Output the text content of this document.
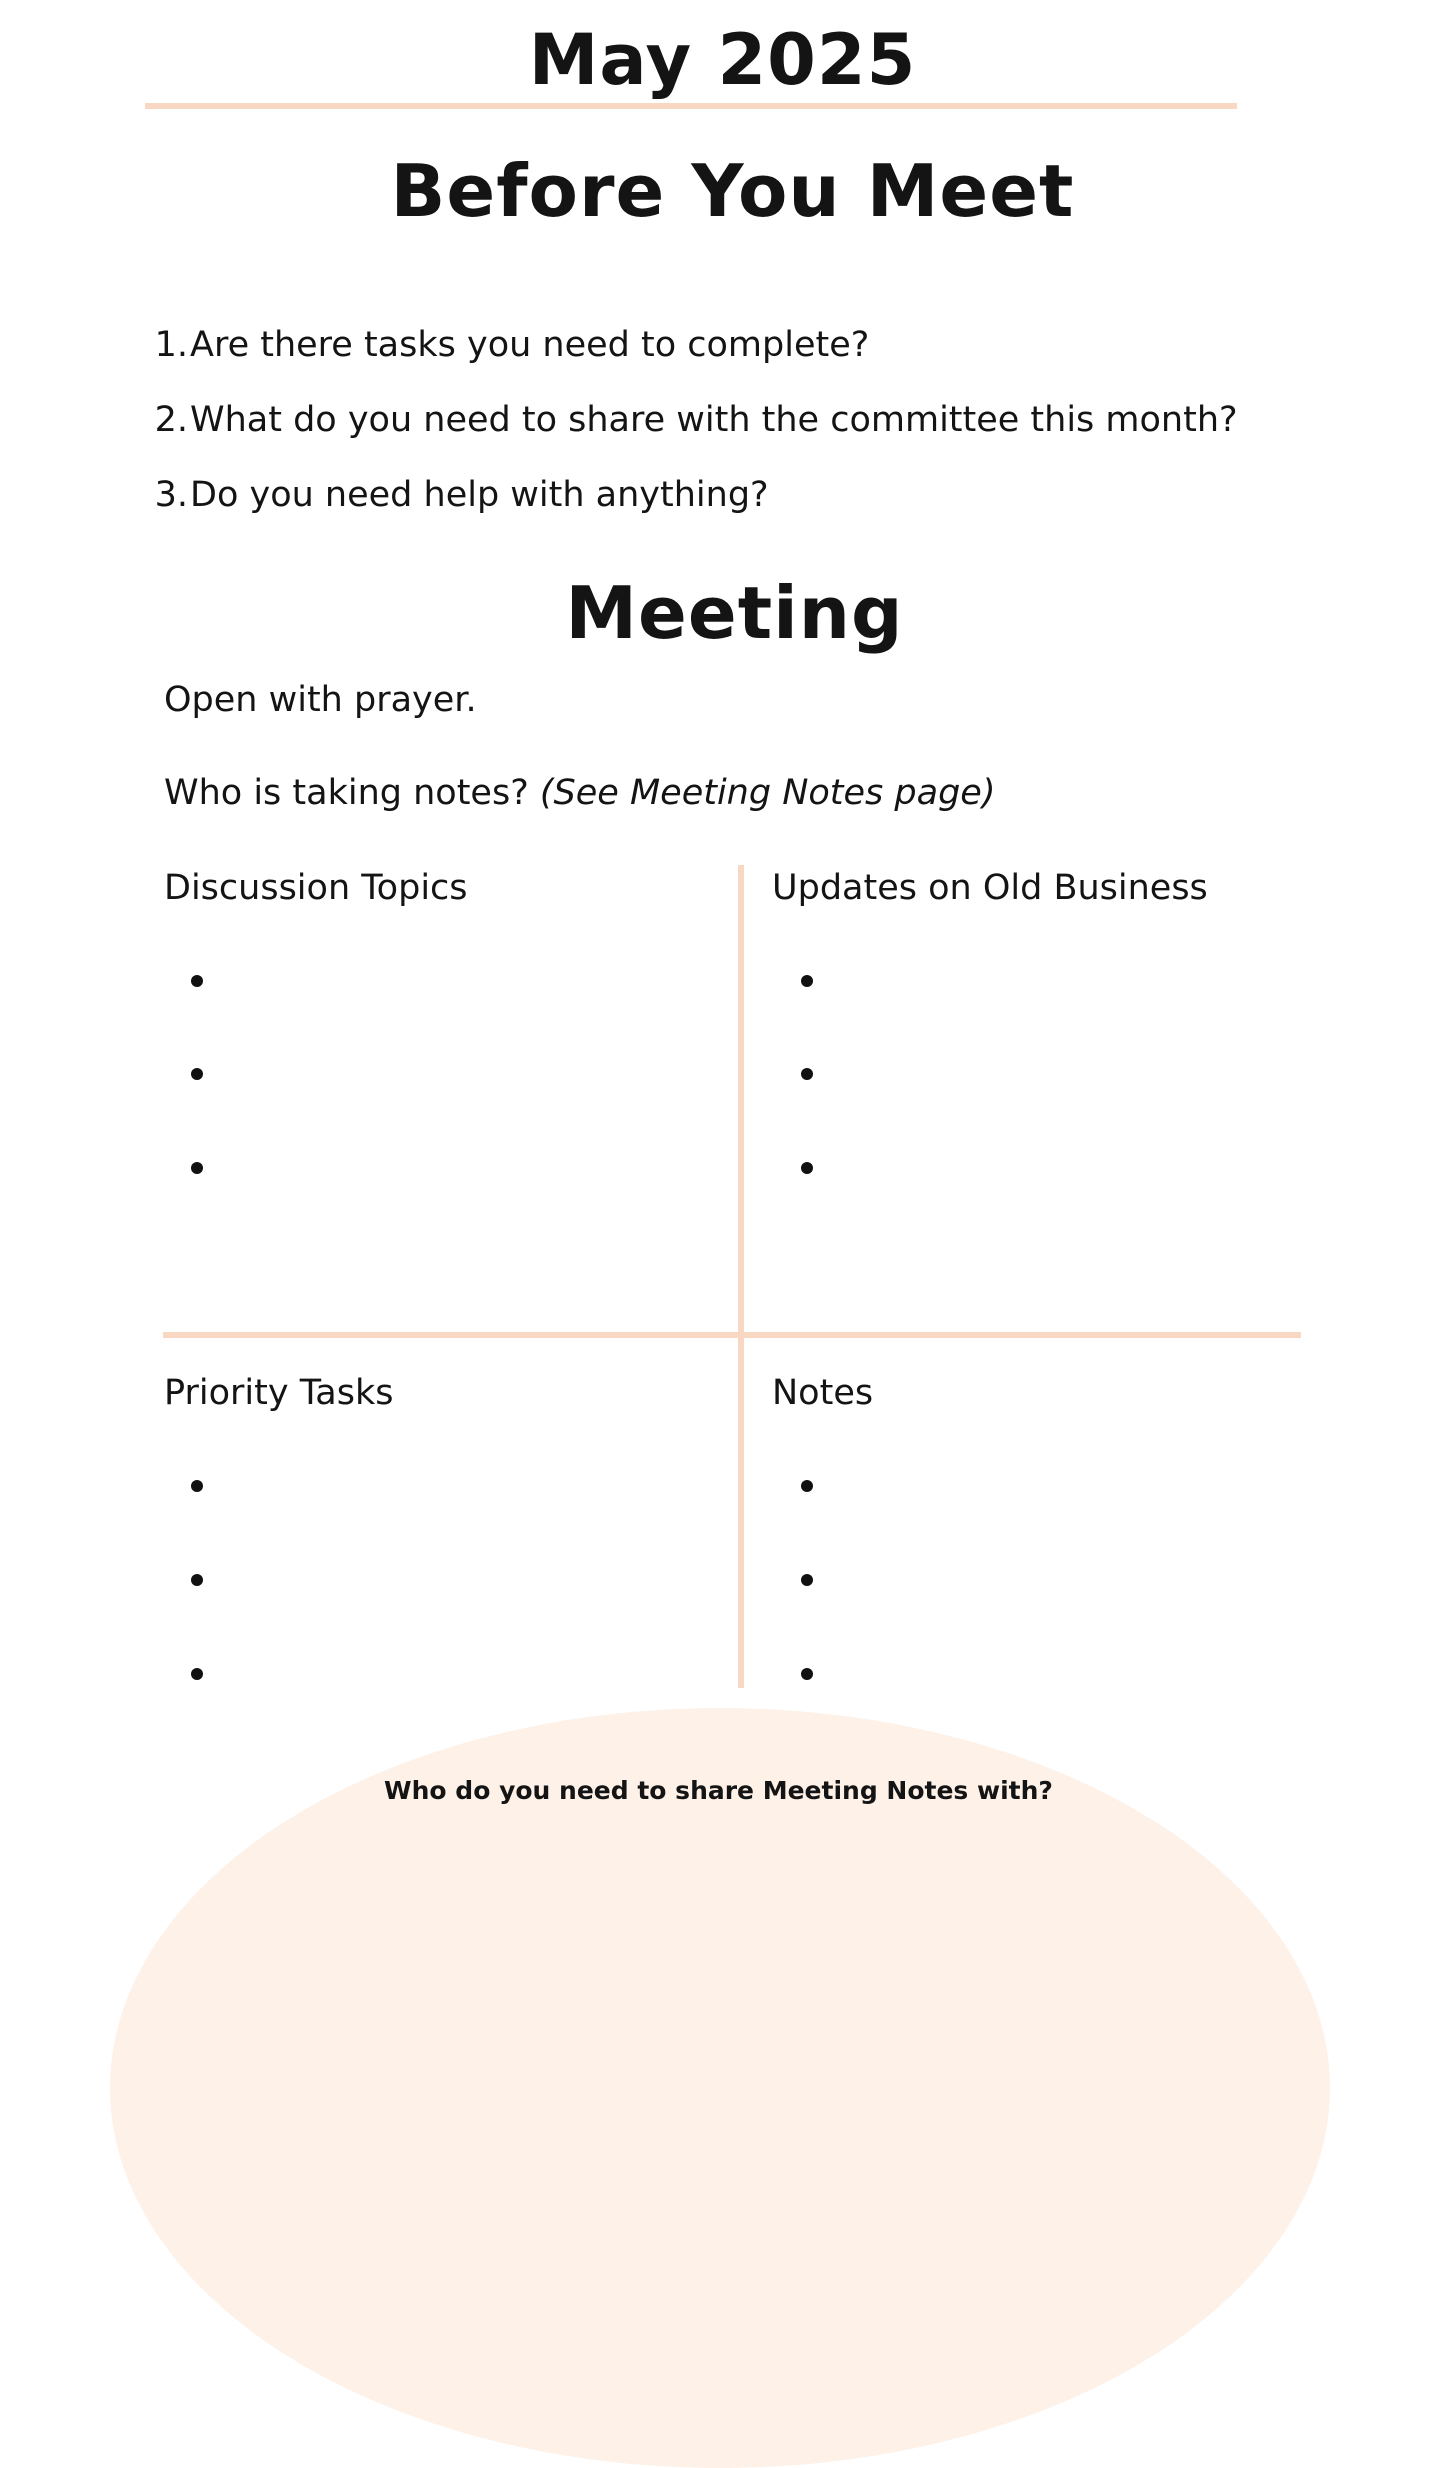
May 2025
Before You Meet
1.Are there tasks you need to complete?
2.What do you need to share with the committee this month?
3.Do you need help with anything?
Meeting
Open with prayer.
Who is taking notes? (See Meeting Notes page)
Discussion Topics	Updates on Old Business
Priority Tasks	Notes
Who do you need to share Meeting Notes with?
